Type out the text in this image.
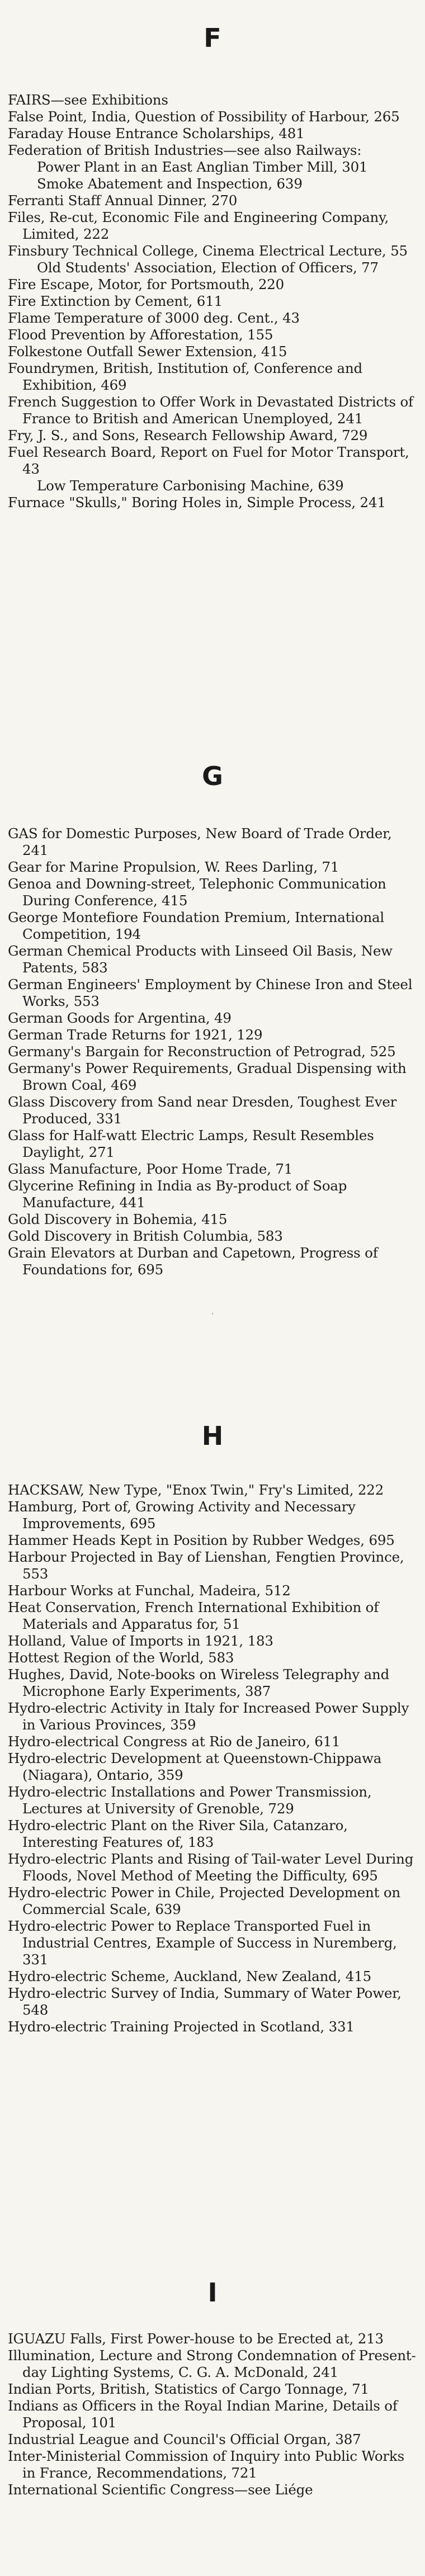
F
FAIRS—see Exhibitions
False Point, India, Question of Possibility of Harbour, 265
Faraday House Entrance Scholarships, 481
Federation of British Industries—see also Railways:
Power Plant in an East Anglian Timber Mill, 301
Smoke Abatement and Inspection, 639
Ferranti Staff Annual Dinner, 270
Files, Re-cut, Economic File and Engineering Company, Limited, 222
Finsbury Technical College, Cinema Electrical Lecture, 55
Old Students' Association, Election of Officers, 77
Fire Escape, Motor, for Portsmouth, 220
Fire Extinction by Cement, 611
Flame Temperature of 3000 deg. Cent., 43
Flood Prevention by Afforestation, 155
Folkestone Outfall Sewer Extension, 415
Foundrymen, British, Institution of, Conference and Exhibition, 469
French Suggestion to Offer Work in Devastated Districts of France to British and American Unemployed, 241
Fry, J. S., and Sons, Research Fellowship Award, 729
Fuel Research Board, Report on Fuel for Motor Transport, 43
Low Temperature Carbonising Machine, 639
Furnace "Skulls," Boring Holes in, Simple Process, 241
G
GAS for Domestic Purposes, New Board of Trade Order, 241
Gear for Marine Propulsion, W. Rees Darling, 71
Genoa and Downing-street, Telephonic Communication During Conference, 415
George Montefiore Foundation Premium, International Competition, 194
German Chemical Products with Linseed Oil Basis, New Patents, 583
German Engineers' Employment by Chinese Iron and Steel Works, 553
German Goods for Argentina, 49
German Trade Returns for 1921, 129
Germany's Bargain for Reconstruction of Petrograd, 525
Germany's Power Requirements, Gradual Dispensing with Brown Coal, 469
Glass Discovery from Sand near Dresden, Toughest Ever Produced, 331
Glass for Half-watt Electric Lamps, Result Resembles Daylight, 271
Glass Manufacture, Poor Home Trade, 71
Glycerine Refining in India as By-product of Soap Manufacture, 441
Gold Discovery in Bohemia, 415
Gold Discovery in British Columbia, 583
Grain Elevators at Durban and Capetown, Progress of Foundations for, 695
·
H
HACKSAW, New Type, "Enox Twin," Fry's Limited, 222
Hamburg, Port of, Growing Activity and Necessary Improvements, 695
Hammer Heads Kept in Position by Rubber Wedges, 695
Harbour Projected in Bay of Lienshan, Fengtien Province, 553
Harbour Works at Funchal, Madeira, 512
Heat Conservation, French International Exhibition of Materials and Apparatus for, 51
Holland, Value of Imports in 1921, 183
Hottest Region of the World, 583
Hughes, David, Note-books on Wireless Telegraphy and Microphone Early Experiments, 387
Hydro-electric Activity in Italy for Increased Power Supply in Various Provinces, 359
Hydro-electrical Congress at Rio de Janeiro, 611
Hydro-electric Development at Queenstown-Chippawa (Niagara), Ontario, 359
Hydro-electric Installations and Power Transmission, Lectures at University of Grenoble, 729
Hydro-electric Plant on the River Sila, Catanzaro, Interesting Features of, 183
Hydro-electric Plants and Rising of Tail-water Level During Floods, Novel Method of Meeting the Difficulty, 695
Hydro-electric Power in Chile, Projected Development on Commercial Scale, 639
Hydro-electric Power to Replace Transported Fuel in Industrial Centres, Example of Success in Nuremberg, 331
Hydro-electric Scheme, Auckland, New Zealand, 415
Hydro-electric Survey of India, Summary of Water Power, 548
Hydro-electric Training Projected in Scotland, 331
I
IGUAZU Falls, First Power-house to be Erected at, 213
Illumination, Lecture and Strong Condemnation of Present-day Lighting Systems, C. G. A. McDonald, 241
Indian Ports, British, Statistics of Cargo Tonnage, 71
Indians as Officers in the Royal Indian Marine, Details of Proposal, 101
Industrial League and Council's Official Organ, 387
Inter-Ministerial Commission of Inquiry into Public Works in France, Recommendations, 721
International Scientific Congress—see Liége
